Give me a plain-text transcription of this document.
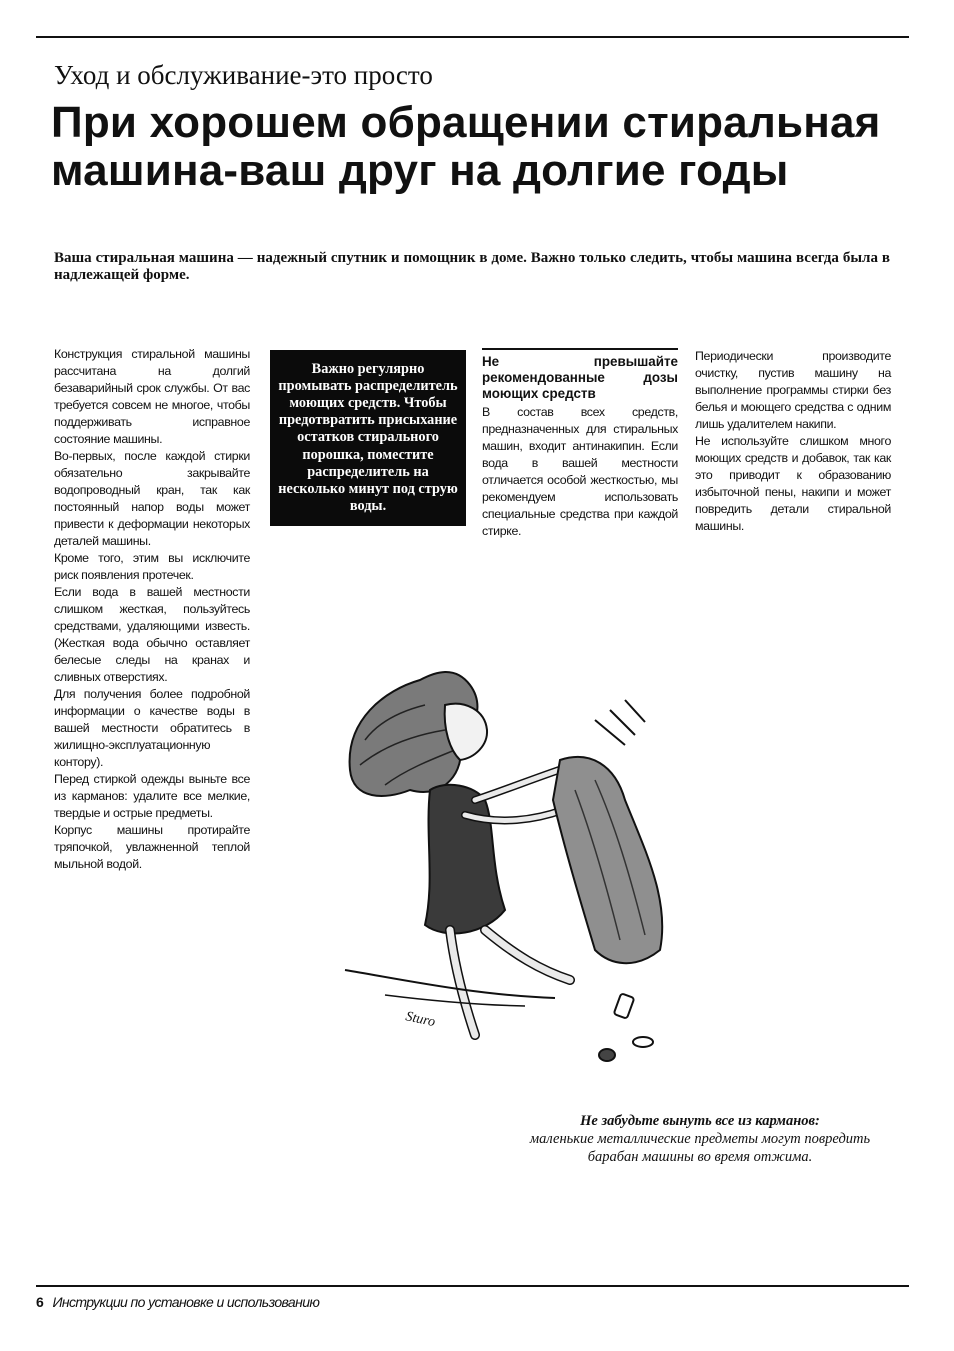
Уход и обслуживание-это просто
При хорошем обращении стиральная машина-ваш друг на долгие годы

Ваша стиральная машина — надежный спутник и помощник в доме. Важно только следить, чтобы машина всегда была в надлежащей форме.

Конструкция стиральной машины рассчитана на долгий безаварийный срок службы. От вас требуется совсем не многое, чтобы поддерживать исправное состояние машины.

Во-первых, после каждой стирки обязательно закрывайте водопроводный кран, так как постоянный напор воды может привести к деформации некоторых деталей машины.

Кроме того, этим вы исключите риск появления протечек.

Если вода в вашей местности слишком жесткая, пользуйтесь средствами, удаляющими известь. (Жесткая вода обычно оставляет белесые следы на кранах и сливных отверстиях.

Для получения более подробной информации о качестве воды в вашей местности обратитесь в жилищно-эксплуатационную контору).

Перед стиркой одежды выньте все из карманов: удалите все мелкие, твердые и острые предметы.

Корпус машины протирайте тряпочкой, увлажненной теплой мыльной водой.

Важно регулярно промывать распределитель моющих средств. Чтобы предотвратить присыхание остатков стирального порошка, поместите распределитель на несколько минут под струю воды.
Не превышайте рекомендованные дозы моющих средств

В состав всех средств, предназначенных для стиральных машин, входит антинакипин. Если вода в вашей местности отличается особой жесткостью, мы рекомендуем использовать специальные средства при каждой стирке.

Периодически производите очистку, пустив машину на выполнение программы стирки без белья и моющего средства с одним лишь удалителем накипи.

Не используйте слишком много моющих средств и добавок, так как это приводит к образованию избыточной пены, накипи и может повредить детали стиральной машины.

Sturo
Не забудьте вынуть все из карманов:
маленькие металлические предметы могут повредить
барабан машины во время отжима.
6 Инструкции по установке и использованию
